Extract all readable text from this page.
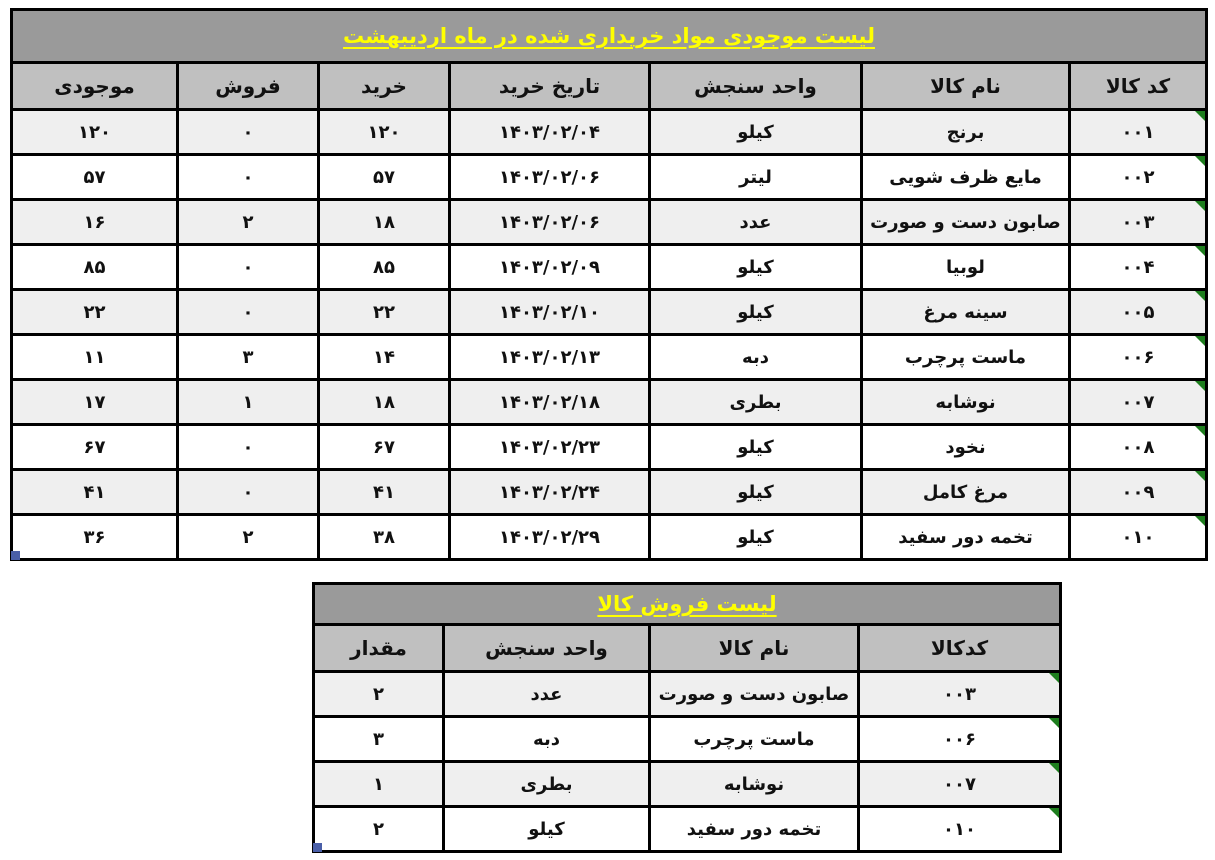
لیست موجودی مواد خریداری شده در ماه اردیبهشت						
کد کالا	نام کالا	واحد سنجش	تاریخ خرید	خرید	فروش	موجودی
۰۰۱	برنج	کیلو	۱۴۰۳/۰۲/۰۴	۱۲۰	۰	۱۲۰
۰۰۲	مایع ظرف شویی	لیتر	۱۴۰۳/۰۲/۰۶	۵۷	۰	۵۷
۰۰۳	صابون دست و صورت	عدد	۱۴۰۳/۰۲/۰۶	۱۸	۲	۱۶
۰۰۴	لوبیا	کیلو	۱۴۰۳/۰۲/۰۹	۸۵	۰	۸۵
۰۰۵	سینه مرغ	کیلو	۱۴۰۳/۰۲/۱۰	۲۲	۰	۲۲
۰۰۶	ماست پرچرب	دبه	۱۴۰۳/۰۲/۱۳	۱۴	۳	۱۱
۰۰۷	نوشابه	بطری	۱۴۰۳/۰۲/۱۸	۱۸	۱	۱۷
۰۰۸	نخود	کیلو	۱۴۰۳/۰۲/۲۳	۶۷	۰	۶۷
۰۰۹	مرغ کامل	کیلو	۱۴۰۳/۰۲/۲۴	۴۱	۰	۴۱
۰۱۰	تخمه دور سفید	کیلو	۱۴۰۳/۰۲/۲۹	۳۸	۲	۳۶
لیست فروش کالا			
کدکالا	نام کالا	واحد سنجش	مقدار
۰۰۳	صابون دست و صورت	عدد	۲
۰۰۶	ماست پرچرب	دبه	۳
۰۰۷	نوشابه	بطری	۱
۰۱۰	تخمه دور سفید	کیلو	۲
